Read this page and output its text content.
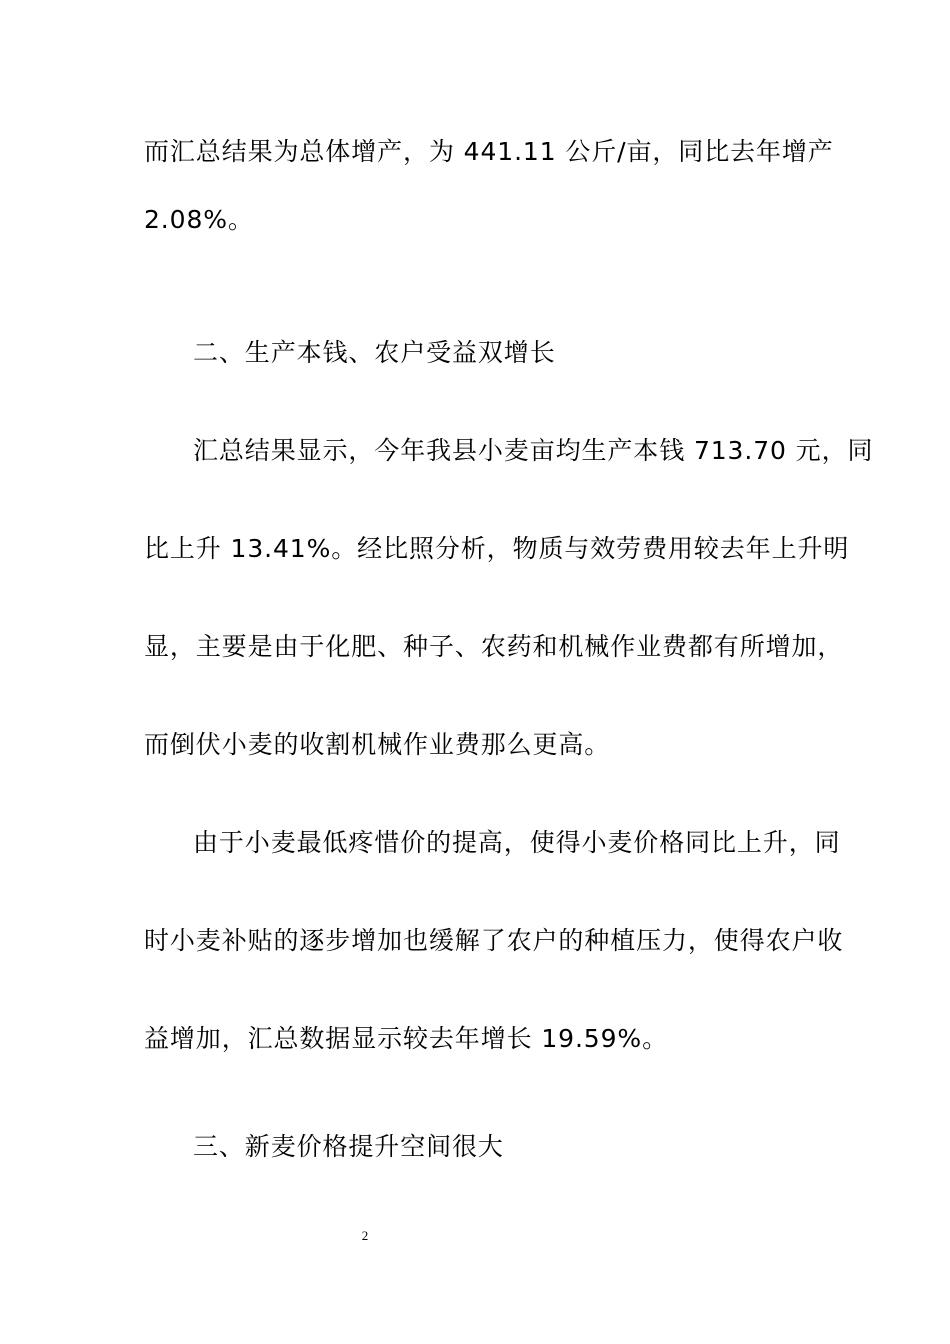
而汇总结果为总体增产，为 441.11 公斤/亩，同比去年增产
2.08%。
二、生产本钱、农户受益双增长
汇总结果显示，今年我县小麦亩均生产本钱 713.70 元，同
比上升 13.41%。经比照分析，物质与效劳费用较去年上升明
显，主要是由于化肥、种子、农药和机械作业费都有所增加，
而倒伏小麦的收割机械作业费那么更高。
由于小麦最低疼惜价的提高，使得小麦价格同比上升，同
时小麦补贴的逐步增加也缓解了农户的种植压力，使得农户收
益增加，汇总数据显示较去年增长 19.59%。
三、新麦价格提升空间很大
2
